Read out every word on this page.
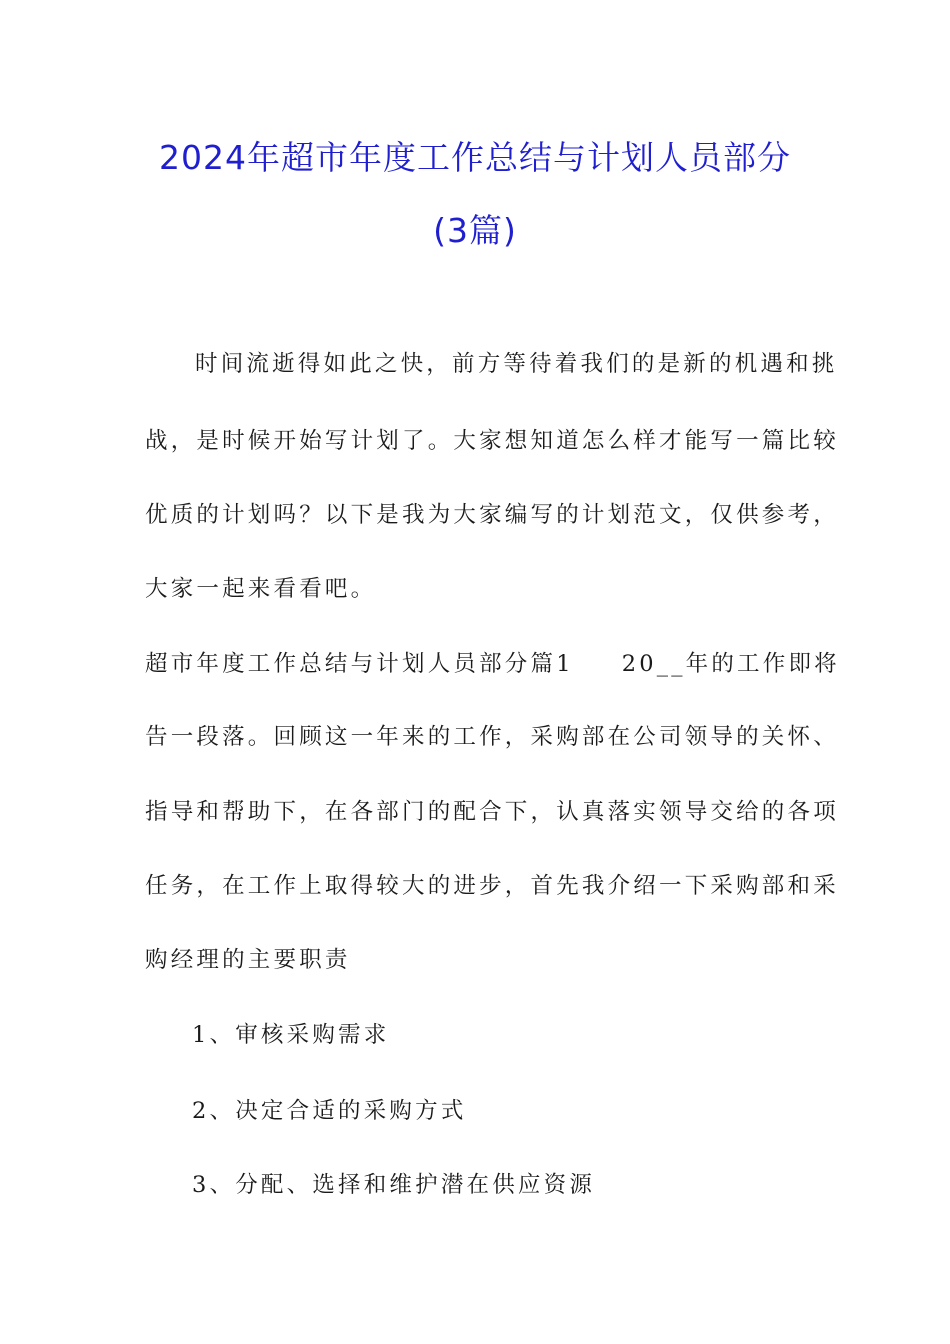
2024年超市年度工作总结与计划人员部分
(3篇)
时间流逝得如此之快，前方等待着我们的是新的机遇和挑
战，是时候开始写计划了。大家想知道怎么样才能写一篇比较
优质的计划吗？以下是我为大家编写的计划范文，仅供参考，
大家一起来看看吧。
超市年度工作总结与计划人员部分篇1 20__年的工作即将
告一段落。回顾这一年来的工作，采购部在公司领导的关怀、
指导和帮助下，在各部门的配合下，认真落实领导交给的各项
任务，在工作上取得较大的进步，首先我介绍一下采购部和采
购经理的主要职责
1、审核采购需求
2、决定合适的采购方式
3、分配、选择和维护潜在供应资源
